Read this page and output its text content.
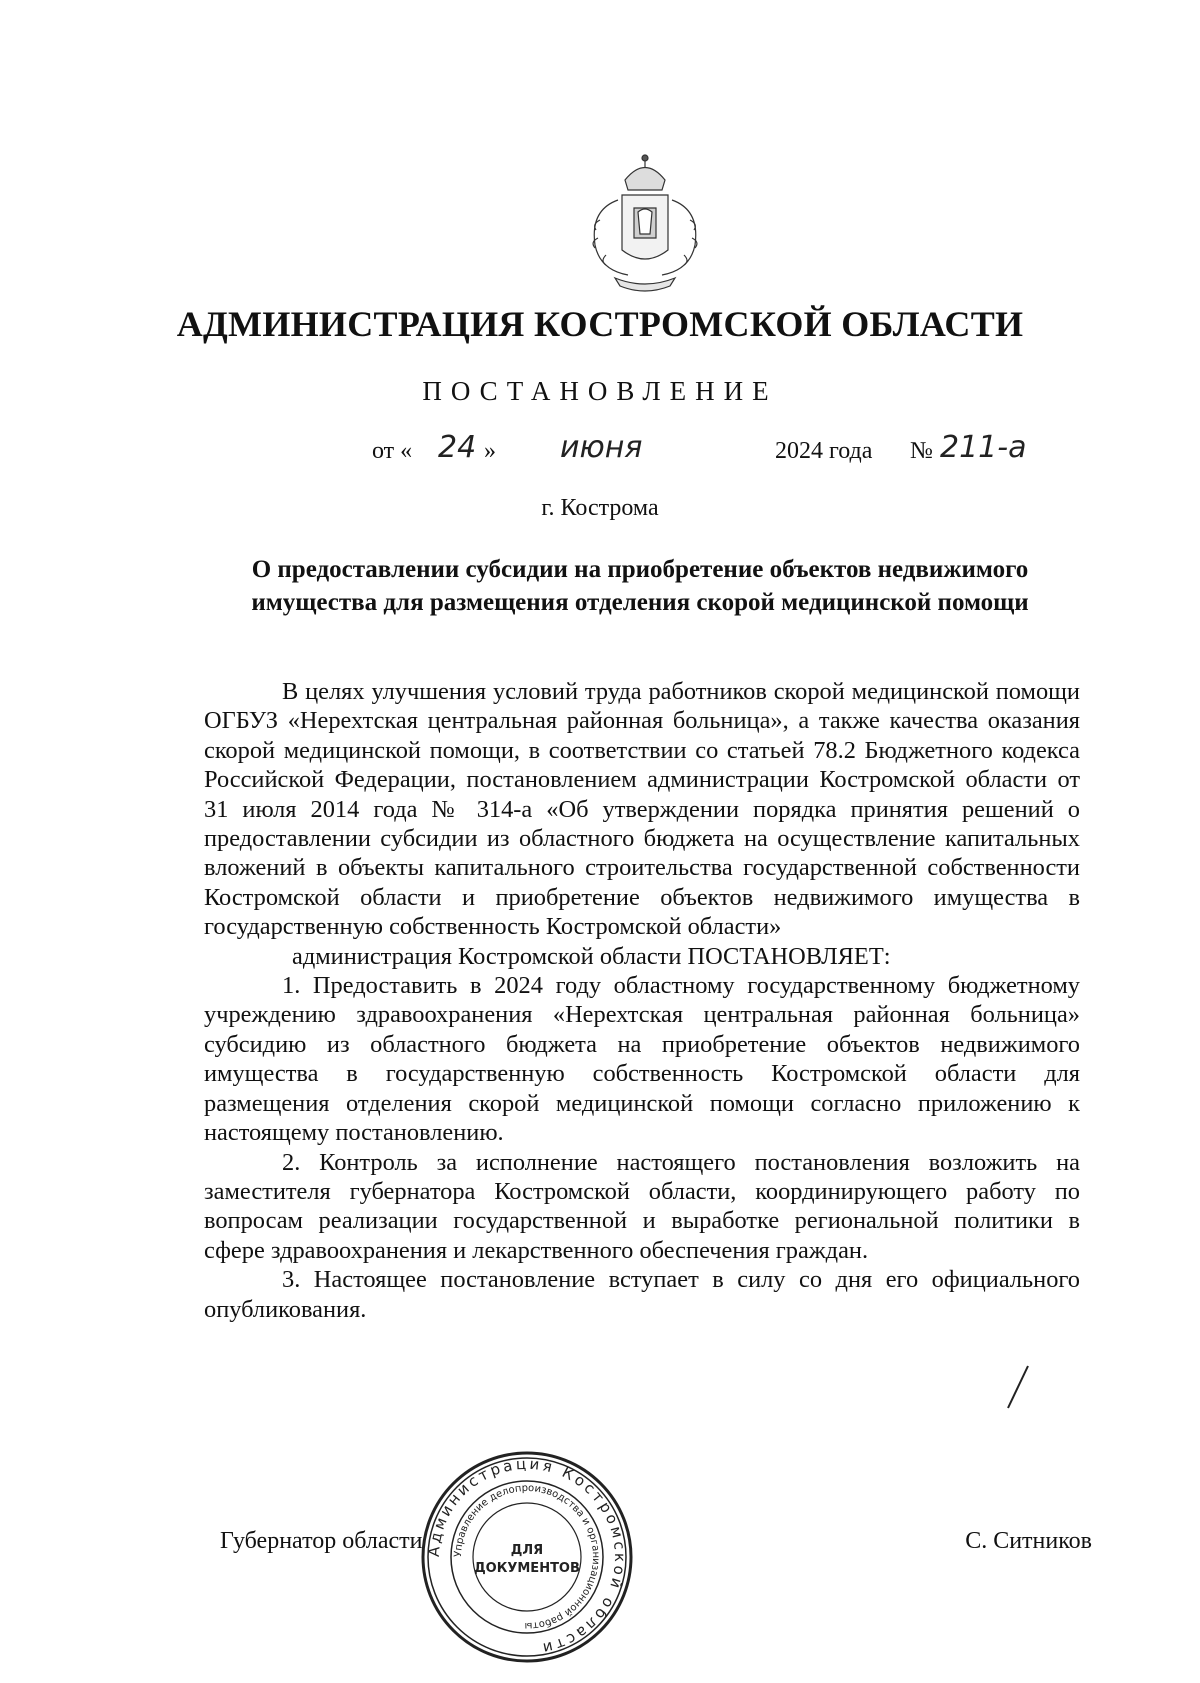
АДМИНИСТРАЦИЯ КОСТРОМСКОЙ ОБЛАСТИ
ПОСТАНОВЛЕНИЕ
от « 24 » июня	2024 года № 211-а
г. Кострома
О предоставлении субсидии на приобретение объектов недвижимого
имущества для размещения отделения скорой медицинской помощи

В целях улучшения условий труда работников скорой медицинской помощи ОГБУЗ «Нерехтская центральная районная больница», а также качества оказания скорой медицинской помощи, в соответствии со статьей 78.2 Бюджетного кодекса Российской Федерации, постановлением администрации Костромской области от 31 июля 2014 года № 314-а «Об утверждении порядка принятия решений о предоставлении субсидии из областного бюджета на осуществление капитальных вложений в объекты капитального строительства государственной собственности Костромской области и приобретение объектов недвижимого имущества в государственную собственность Костромской области»

администрация Костромской области ПОСТАНОВЛЯЕТ:

1. Предоставить в 2024 году областному государственному бюджетному учреждению здравоохранения «Нерехтская центральная районная больница» субсидию из областного бюджета на приобретение объектов недвижимого имущества в государственную собственность Костромской области для размещения отделения скорой медицинской помощи согласно приложению к настоящему постановлению.

2. Контроль за исполнение настоящего постановления возложить на заместителя губернатора Костромской области, координирующего работу по вопросам реализации государственной и выработке региональной политики в сфере здравоохранения и лекарственного обеспечения граждан.

3. Настоящее постановление вступает в силу со дня его официального опубликования.

Губернатор области	С. Ситников
Администрация Костромской области
Управление делопроизводства и организационной работы
ДЛЯ
ДОКУМЕНТОВ
